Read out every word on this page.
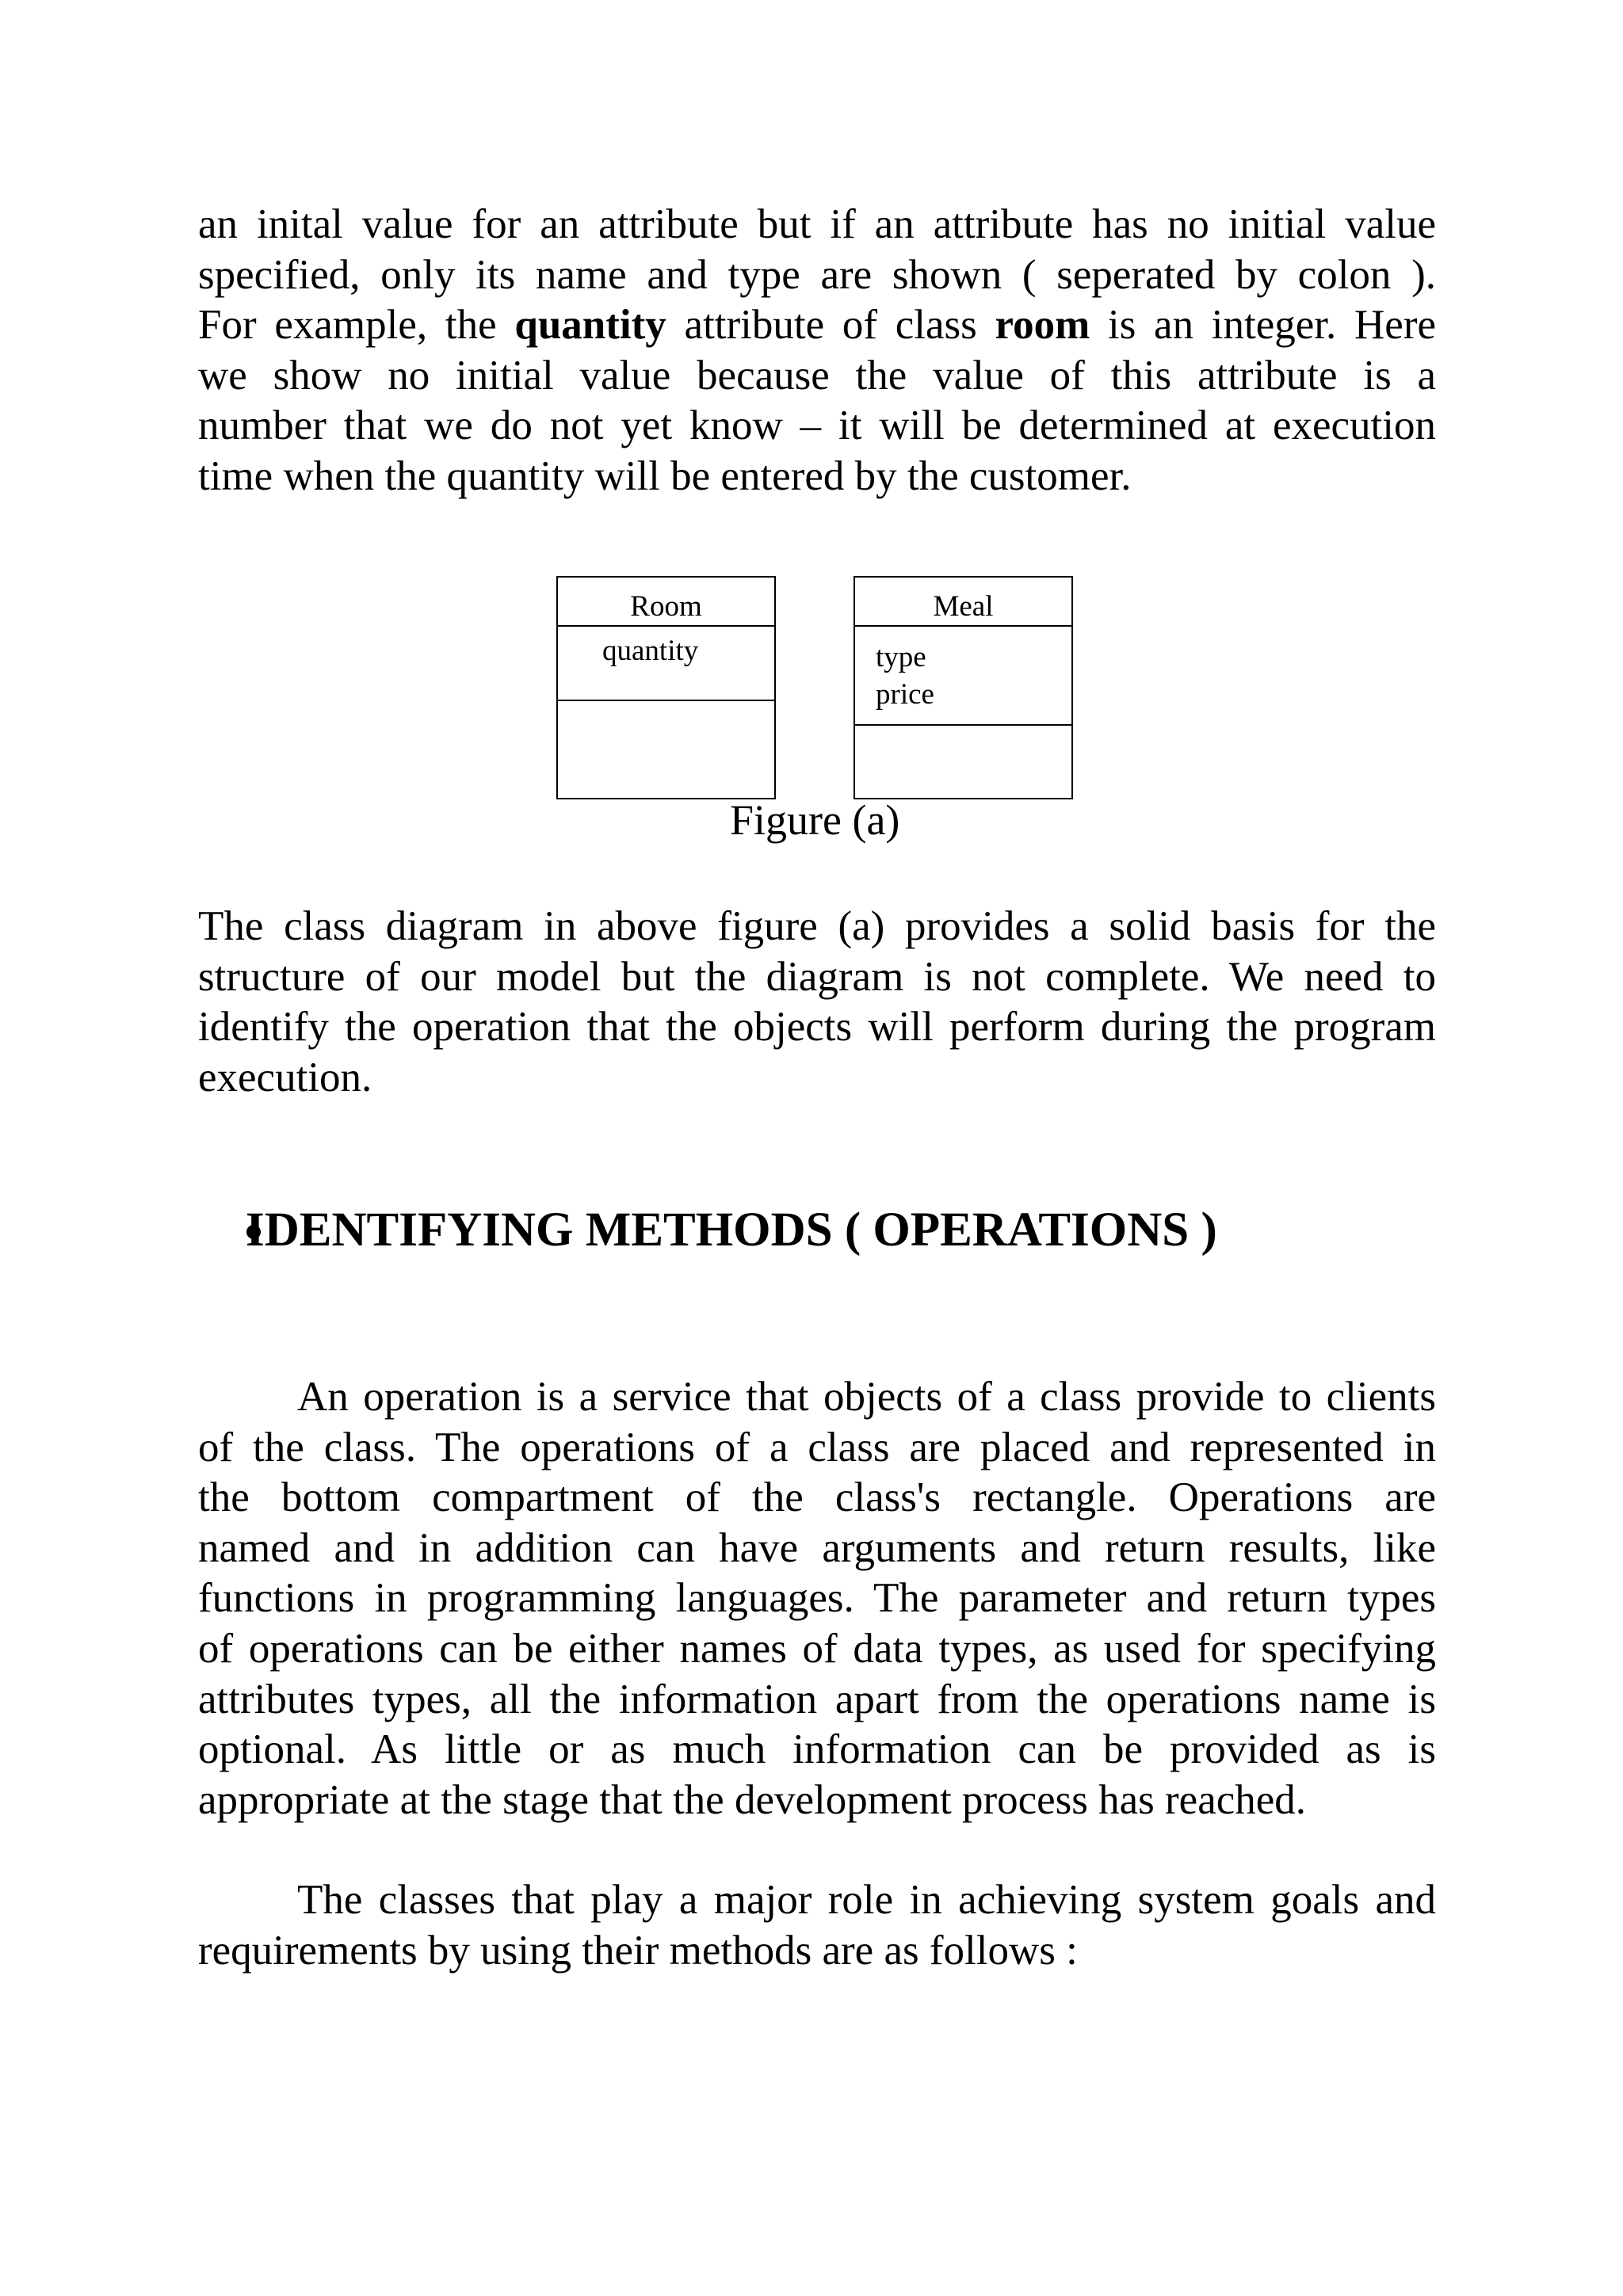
an inital value for an attribute but if an attribute has no initial value
specified, only its name and type are shown ( seperated by colon ).
For example, the quantity attribute of class room is an integer. Here
we show no initial value because the value of this attribute is a
number that we do not yet know – it will be determined at execution
time when the quantity will be entered by the customer.
Room
quantity
Meal
type
price
Figure (a)
The class diagram in above figure (a) provides a solid basis for the
structure of our model but the diagram is not complete. We need to
identify the operation that the objects will perform during the program
execution.
IDENTIFYING METHODS ( OPERATIONS )
An operation is a service that objects of a class provide to clients
of the class. The operations of a class are placed and represented in
the bottom compartment of the class's rectangle. Operations are
named and in addition can have arguments and return results, like
functions in programming languages. The parameter and return types
of operations can be either names of data types, as used for specifying
attributes types, all the information apart from the operations name is
optional. As little or as much information can be provided as is
appropriate at the stage that the development process has reached.
The classes that play a major role in achieving system goals and
requirements by using their methods are as follows :
